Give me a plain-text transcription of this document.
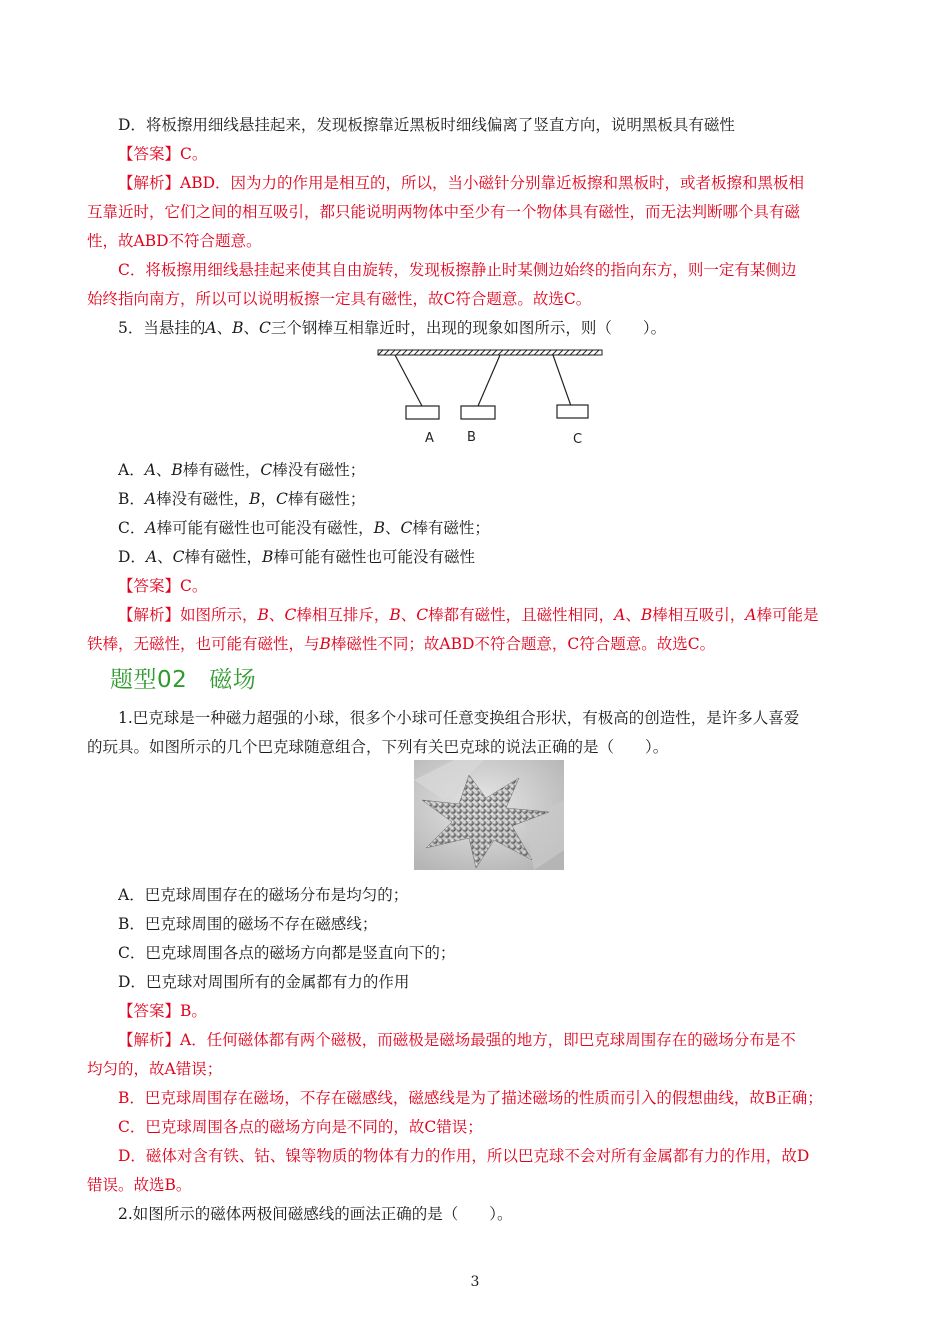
D．将板擦用细线悬挂起来，发现板擦靠近黑板时细线偏离了竖直方向，说明黑板具有磁性
【答案】C。
【解析】ABD．因为力的作用是相互的，所以，当小磁针分别靠近板擦和黑板时，或者板擦和黑板相
互靠近时，它们之间的相互吸引，都只能说明两物体中至少有一个物体具有磁性，而无法判断哪个具有磁
性，故ABD不符合题意。
C．将板擦用细线悬挂起来使其自由旋转，发现板擦静止时某侧边始终的指向东方，则一定有某侧边
始终指向南方，所以可以说明板擦一定具有磁性，故C符合题意。故选C。
5．当悬挂的A、B、C三个钢棒互相靠近时，出现的现象如图所示，则（　　）。
A	B	C
A．A、B棒有磁性，C棒没有磁性；
B．A棒没有磁性，B，C棒有磁性；
C．A棒可能有磁性也可能没有磁性，B、C棒有磁性；
D．A、C棒有磁性，B棒可能有磁性也可能没有磁性
【答案】C。
【解析】如图所示，B、C棒相互排斥，B、C棒都有磁性，且磁性相同，A、B棒相互吸引，A棒可能是
铁棒，无磁性，也可能有磁性，与B棒磁性不同；故ABD不符合题意，C符合题意。故选C。
题型02 磁场
1.巴克球是一种磁力超强的小球，很多个小球可任意变换组合形状，有极高的创造性，是许多人喜爱
的玩具。如图所示的几个巴克球随意组合，下列有关巴克球的说法正确的是（　　）。
A．巴克球周围存在的磁场分布是均匀的；
B．巴克球周围的磁场不存在磁感线；
C．巴克球周围各点的磁场方向都是竖直向下的；
D．巴克球对周围所有的金属都有力的作用
【答案】B。
【解析】A．任何磁体都有两个磁极，而磁极是磁场最强的地方，即巴克球周围存在的磁场分布是不
均匀的，故A错误；
B．巴克球周围存在磁场，不存在磁感线，磁感线是为了描述磁场的性质而引入的假想曲线，故B正确；
C．巴克球周围各点的磁场方向是不同的，故C错误；
D．磁体对含有铁、钴、镍等物质的物体有力的作用，所以巴克球不会对所有金属都有力的作用，故D
错误。故选B。
2.如图所示的磁体两极间磁感线的画法正确的是（　　）。
3
